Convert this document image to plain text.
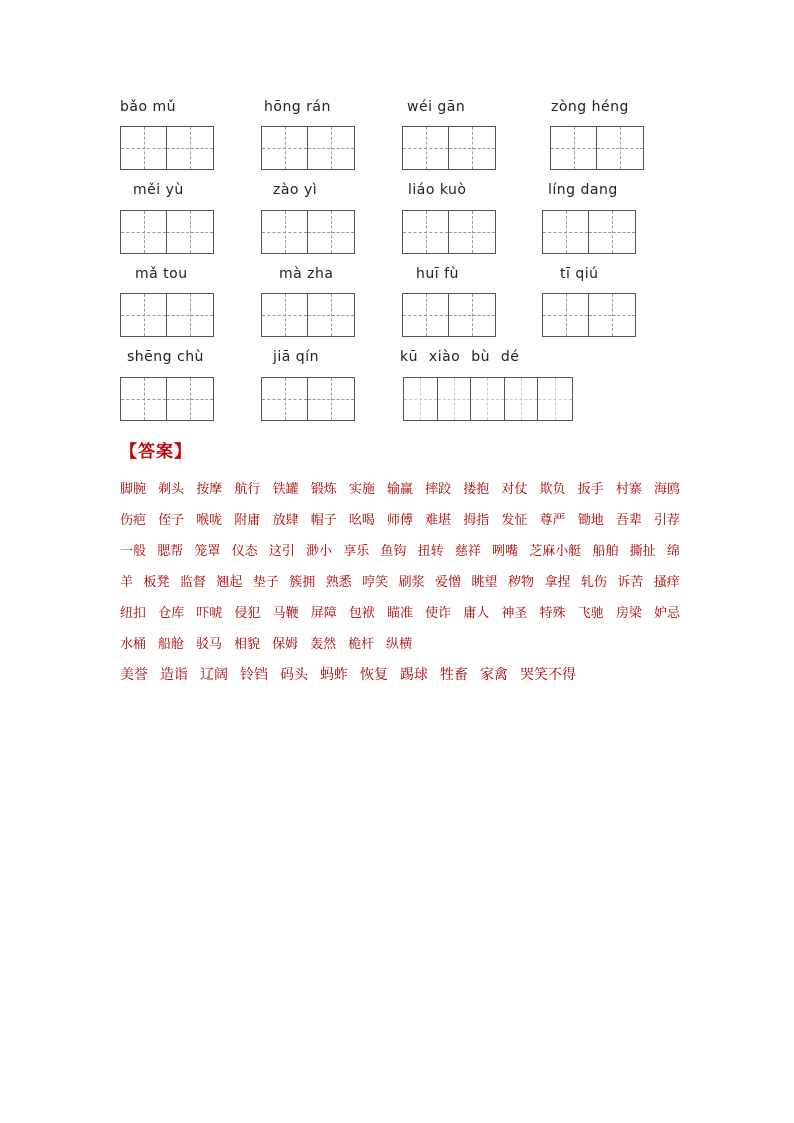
bǎo mǔ	hōng rán	wéi gān	zòng héng
měi yù	zào yì	liáo kuò	líng dang
mǎ tou	mà zha	huī fù	tī qiú
shēng chù	jiā qín	kū xiào bù dé
【答案】
脚腕 剃头 按摩 航行 铁罐 锻炼 实施 输赢 摔跤 搂抱 对仗 欺负 扳手 村寨 海鸥
伤疤 侄子 喉咙 附庸 放肆 帽子 吆喝 师傅 难堪 拇指 发怔 尊严 锄地 吾辈 引荐
一般 腮帮 笼罩 仪态 这引 渺小 享乐 鱼钩 扭转 慈祥 咧嘴 芝麻小艇 船舶 撕扯 绵
羊 板凳 监督 翘起 垫子 簇拥 熟悉 哼笑 刷浆 爱憎 眺望 秽物 拿捏 轧伤 诉苦 搔痒
纽扣 仓库 吓唬 侵犯 马鞭 屏障 包袱 瞄准 使诈 庸人 神圣 特殊 飞驰 房梁 妒忌
水桶 船舱 驳马 相貌 保姆 轰然 桅杆 纵横
美誉 造诣 辽阔 铃铛 码头 蚂蚱 恢复 踢球 牲畜 家禽 哭笑不得
